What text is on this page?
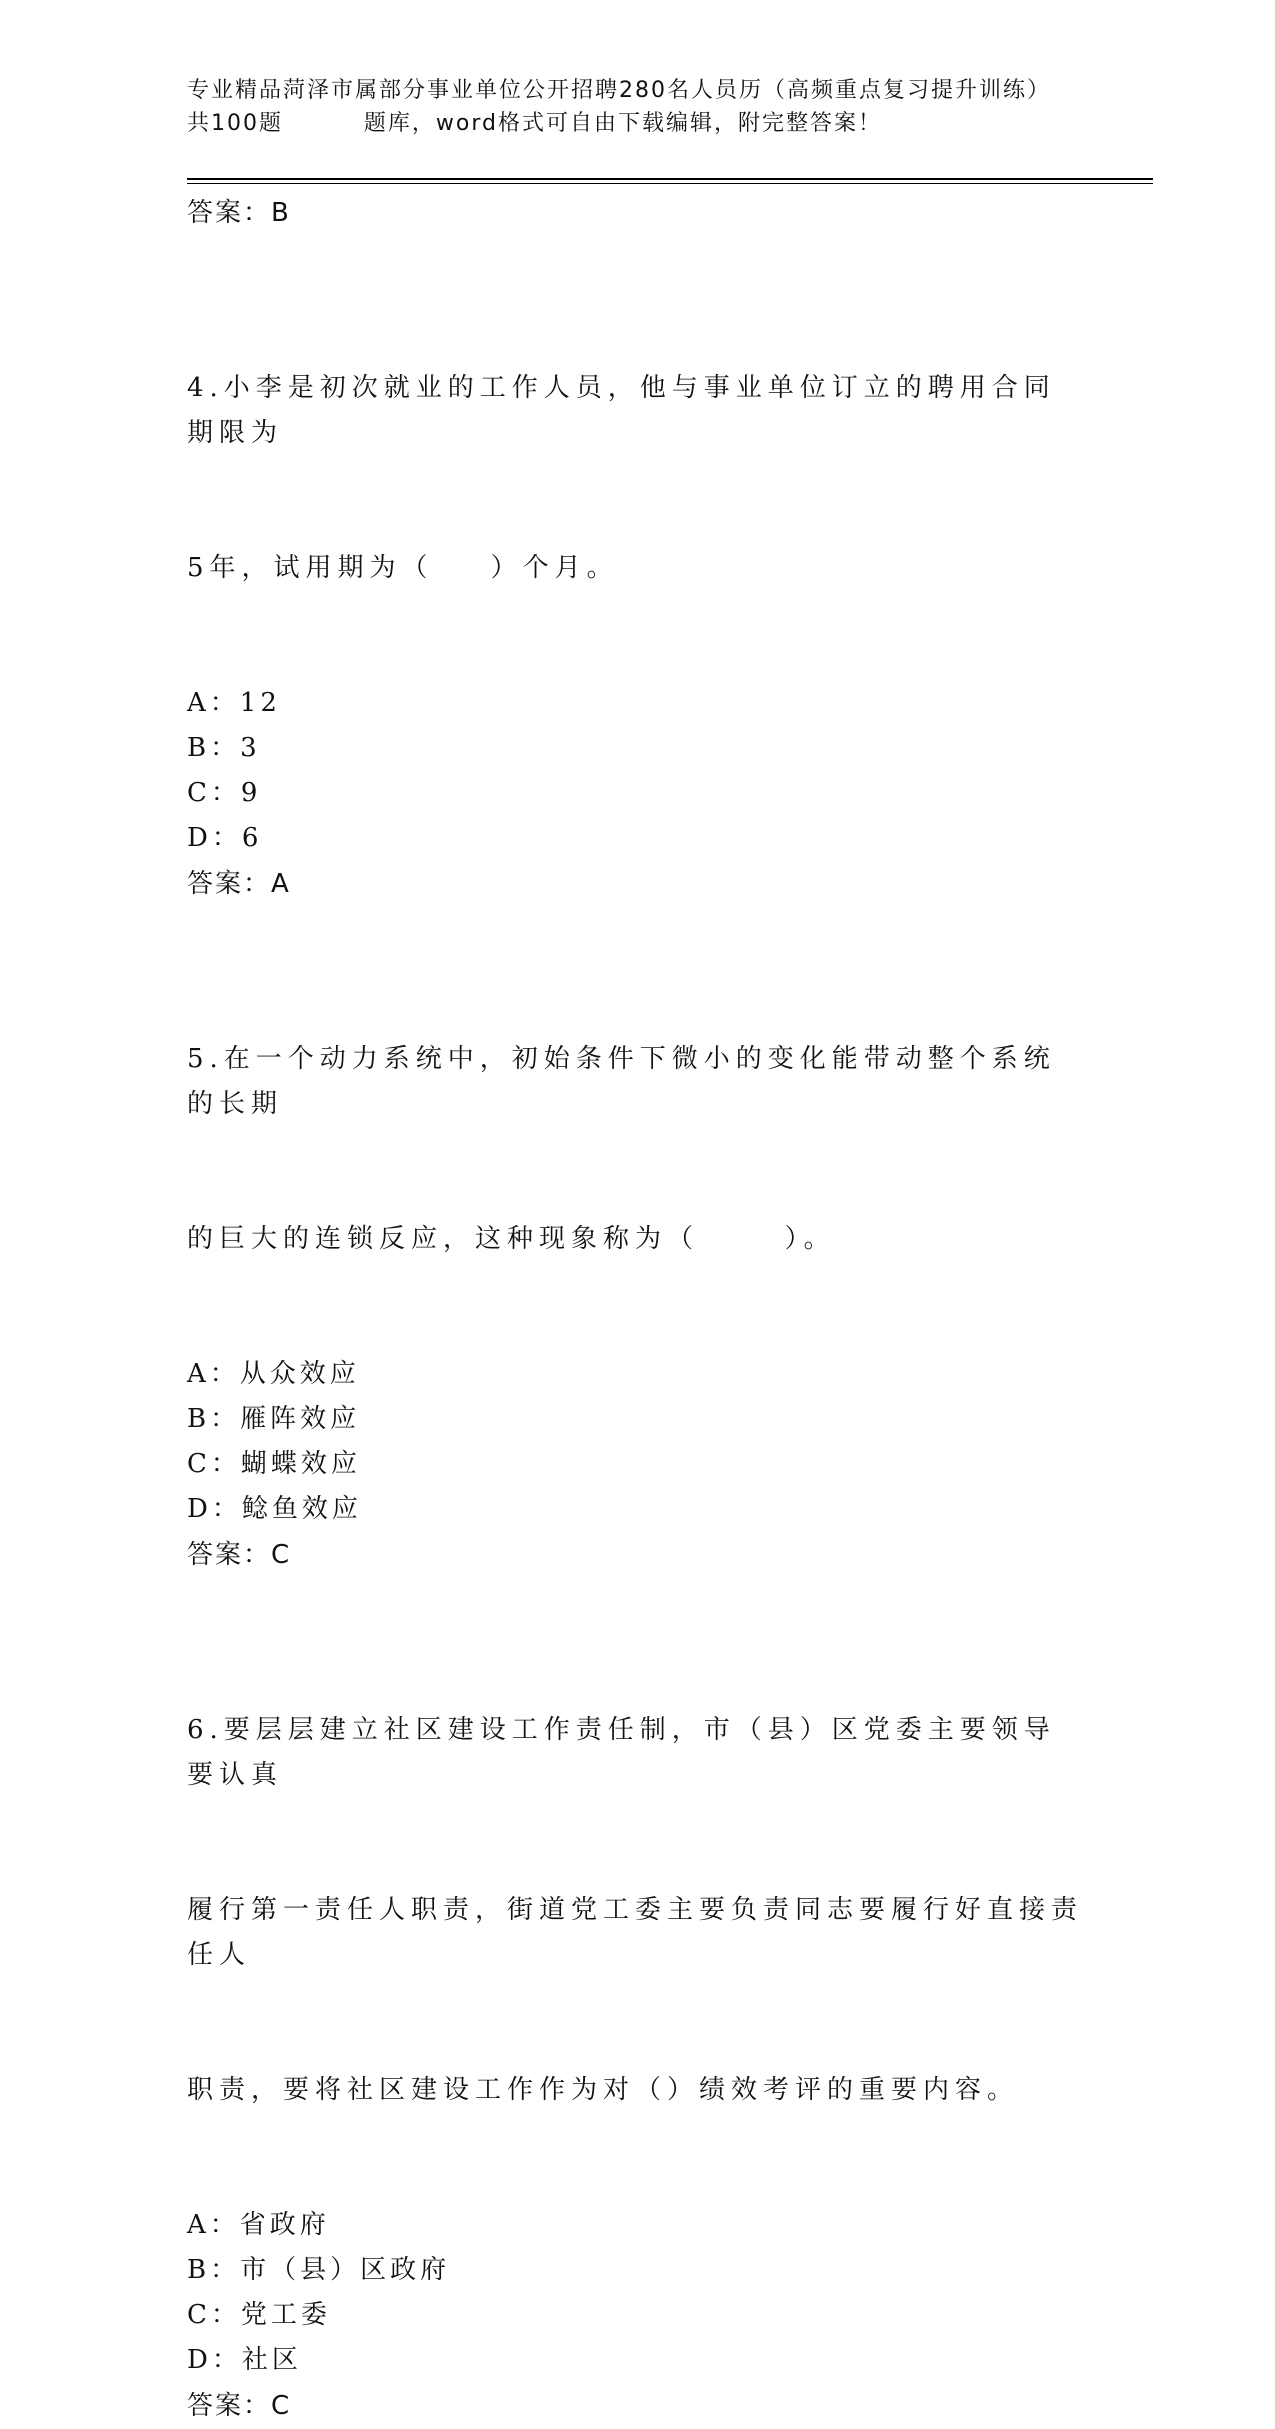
专业精品菏泽市属部分事业单位公开招聘280名人员历（高频重点复习提升训练）
共100题         题库，word格式可自由下载编辑，附完整答案！
答案：B

4.小李是初次就业的工作人员，他与事业单位订立的聘用合同期限为

5年，试用期为（    ）个月。

A：12
B：3
C：9
D：6
答案：A

5.在一个动力系统中，初始条件下微小的变化能带动整个系统的长期

的巨大的连锁反应，这种现象称为（      ）。

A：从众效应
B：雁阵效应
C：蝴蝶效应
D：鲶鱼效应
答案：C

6.要层层建立社区建设工作责任制，市（县）区党委主要领导要认真

履行第一责任人职责，街道党工委主要负责同志要履行好直接责任人

职责，要将社区建设工作作为对（）绩效考评的重要内容。

A：省政府
B：市（县）区政府
C：党工委
D：社区
答案：C
